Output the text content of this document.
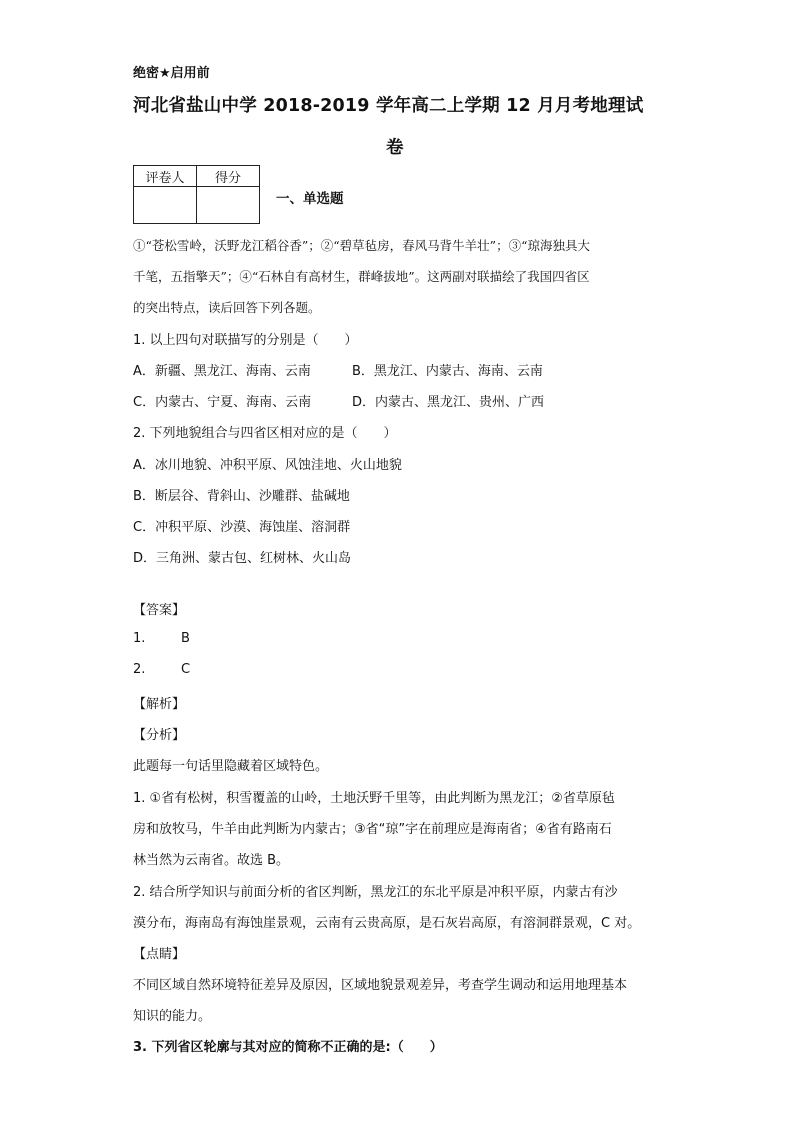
绝密★启用前
河北省盐山中学 2018-2019 学年高二上学期 12 月月考地理试
卷
评卷人	得分

一、单选题
①“苍松雪岭，沃野龙江稻谷香”；②“碧草毡房，春风马背牛羊壮”；③“琼海独具大
千笔，五指擎天”；④“石林自有高材生，群峰拔地”。这两副对联描绘了我国四省区
的突出特点，读后回答下列各题。
1. 以上四句对联描写的分别是（　　）
A．新疆、黑龙江、海南、云南	B．黑龙江、内蒙古、海南、云南
C．内蒙古、宁夏、海南、云南	D．内蒙古、黑龙江、贵州、广西
2. 下列地貌组合与四省区相对应的是（　　）
A．冰川地貌、冲积平原、风蚀洼地、火山地貌
B．断层谷、背斜山、沙雕群、盐碱地
C．冲积平原、沙漠、海蚀崖、溶洞群
D．三角洲、蒙古包、红树林、火山岛
【答案】
1.	B
2.	C
【解析】
【分析】
此题每一句话里隐藏着区域特色。
1. ①省有松树，积雪覆盖的山岭，土地沃野千里等，由此判断为黑龙江；②省草原毡
房和放牧马，牛羊由此判断为内蒙古；③省“琼”字在前理应是海南省；④省有路南石
林当然为云南省。故选 B。
2. 结合所学知识与前面分析的省区判断，黑龙江的东北平原是冲积平原，内蒙古有沙
漠分布，海南岛有海蚀崖景观，云南有云贵高原，是石灰岩高原，有溶洞群景观，C 对。
【点睛】
不同区域自然环境特征差异及原因，区域地貌景观差异，考查学生调动和运用地理基本
知识的能力。
3. 下列省区轮廓与其对应的简称不正确的是:（　　）
